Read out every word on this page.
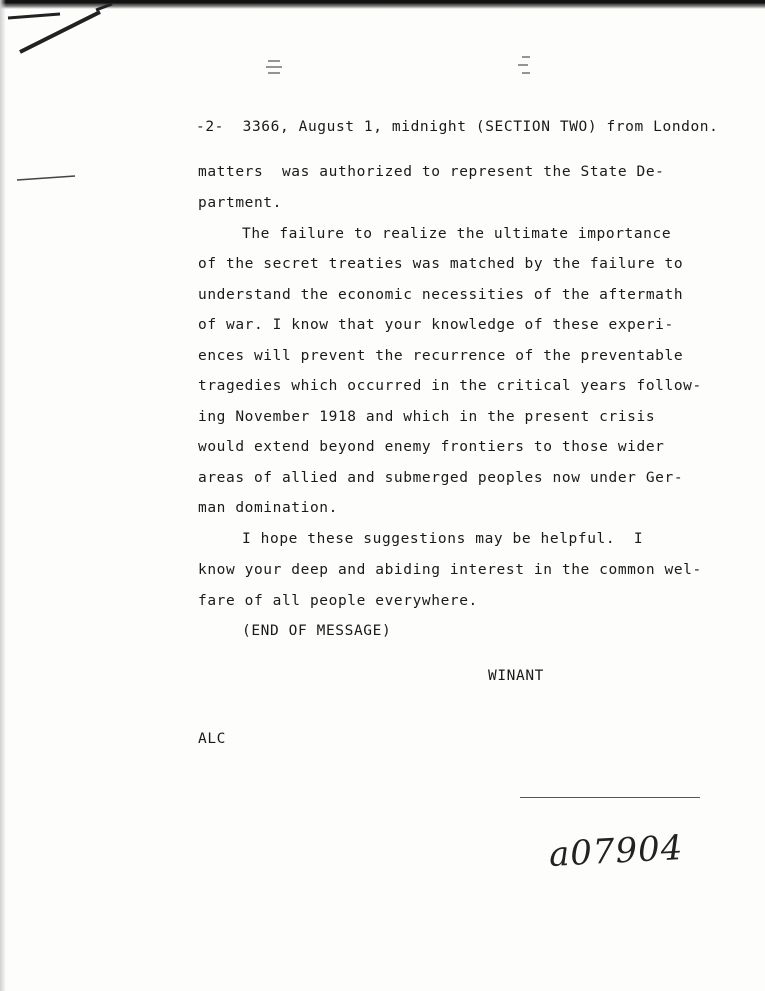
-2-  3366, August 1, midnight (SECTION TWO) from London.
matters  was authorized to represent the State De-
partment.
The failure to realize the ultimate importance
of the secret treaties was matched by the failure to
understand the economic necessities of the aftermath
of war. I know that your knowledge of these experi-
ences will prevent the recurrence of the preventable
tragedies which occurred in the critical years follow-
ing November 1918 and which in the present crisis
would extend beyond enemy frontiers to those wider
areas of allied and submerged peoples now under Ger-
man domination.
I hope these suggestions may be helpful.  I
know your deep and abiding interest in the common wel-
fare of all people everywhere.
(END OF MESSAGE)
WINANT
ALC
a07904
